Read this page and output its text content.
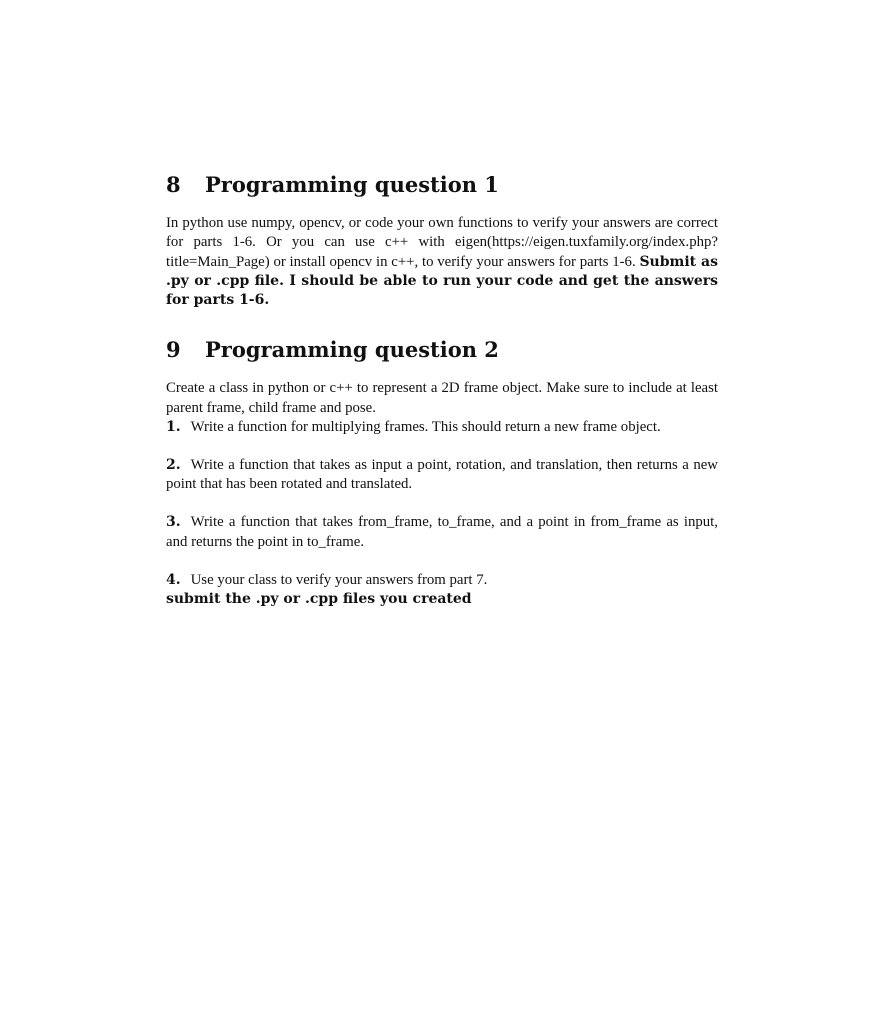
8	Programming question 1

In python use numpy, opencv, or code your own functions to verify your answers are correct for parts 1-6. Or you can use c++ with eigen(https://eigen.tuxfamily.org/index.php?title=Main_Page) or install opencv in c++, to verify your answers for parts 1-6. Submit as .py or .cpp file. I should be able to run your code and get the answers for parts 1-6.

9	Programming question 2

Create a class in python or c++ to represent a 2D frame object. Make sure to include at least parent frame, child frame and pose.

1. Write a function for multiplying frames. This should return a new frame object.

2. Write a function that takes as input a point, rotation, and translation, then returns a new point that has been rotated and translated.

3. Write a function that takes from_frame, to_frame, and a point in from_frame as input, and returns the point in to_frame.

4. Use your class to verify your answers from part 7.

submit the .py or .cpp files you created
